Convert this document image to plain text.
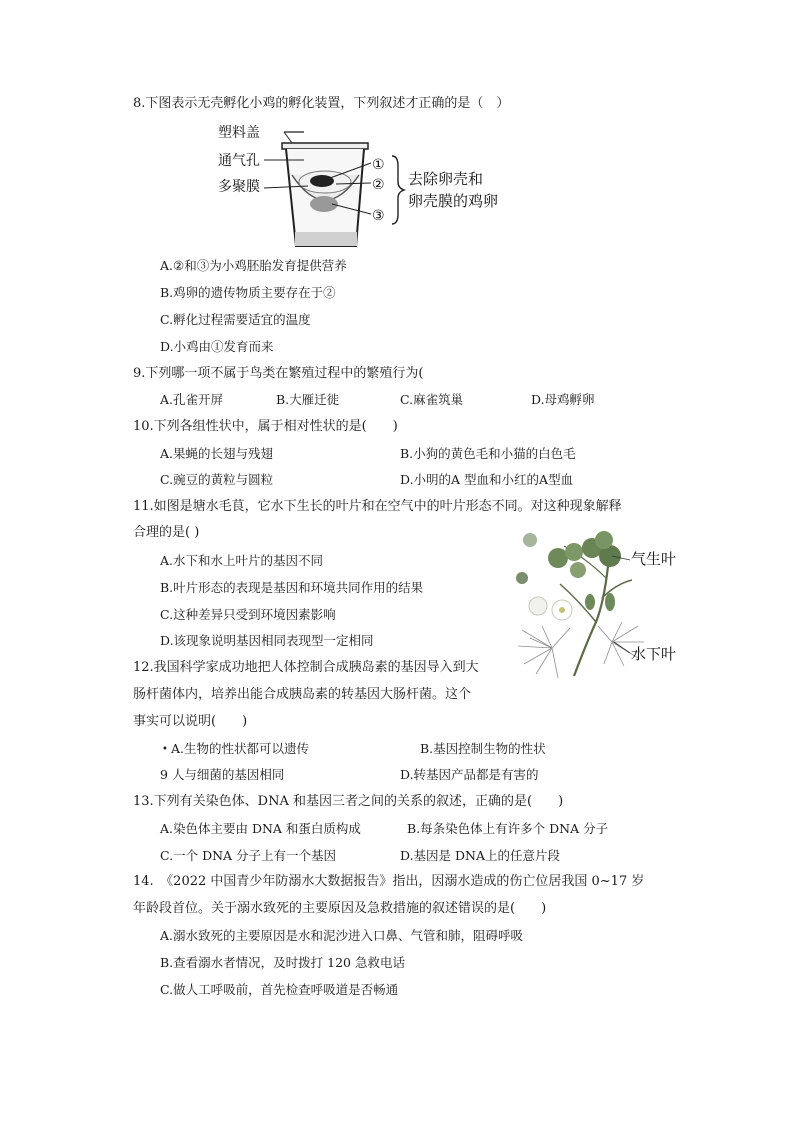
8.下图表示无壳孵化小鸡的孵化装置，下列叙述才正确的是（　）
塑料盖
通气孔
多聚膜
①
②
③
去除卵壳和
卵壳膜的鸡卵
A.②和③为小鸡胚胎发育提供营养
B.鸡卵的遗传物质主要存在于②
C.孵化过程需要适宜的温度
D.小鸡由①发育而来
9.下列哪一项不属于鸟类在繁殖过程中的繁殖行为(
A.孔雀开屏	B.大雁迁徙	C.麻雀筑巢	D.母鸡孵卵
10.下列各组性状中，属于相对性状的是(　　)
A.果蝇的长翅与残翅	B.小狗的黄色毛和小猫的白色毛
C.豌豆的黄粒与圆粒	D.小明的A 型血和小红的A型血
11.如图是塘水毛茛，它水下生长的叶片和在空气中的叶片形态不同。对这种现象解释
合理的是( )
气生叶
水下叶
A.水下和水上叶片的基因不同
B.叶片形态的表现是基因和环境共同作用的结果
C.这种差异只受到环境因素影响
D.该现象说明基因相同表现型一定相同
12.我国科学家成功地把人体控制合成胰岛素的基因导入到大
肠杆菌体内，培养出能合成胰岛素的转基因大肠杆菌。这个
事实可以说明(　　)
• A.生物的性状都可以遗传	B.基因控制生物的性状
9 人与细菌的基因相同	D.转基因产品都是有害的
13.下列有关染色体、DNA 和基因三者之间的关系的叙述，正确的是(　　)
A.染色体主要由 DNA 和蛋白质构成	B.每条染色体上有许多个 DNA 分子
C.一个 DNA 分子上有一个基因	D.基因是 DNA上的任意片段
14.　《2022 中国青少年防溺水大数据报告》指出，因溺水造成的伤亡位居我国 0~17 岁
年龄段首位。关于溺水致死的主要原因及急救措施的叙述错误的是(　　)
A.溺水致死的主要原因是水和泥沙进入口鼻、气管和肺，阻碍呼吸
B.查看溺水者情况，及时拨打 120 急救电话
C.做人工呼吸前，首先检查呼吸道是否畅通
